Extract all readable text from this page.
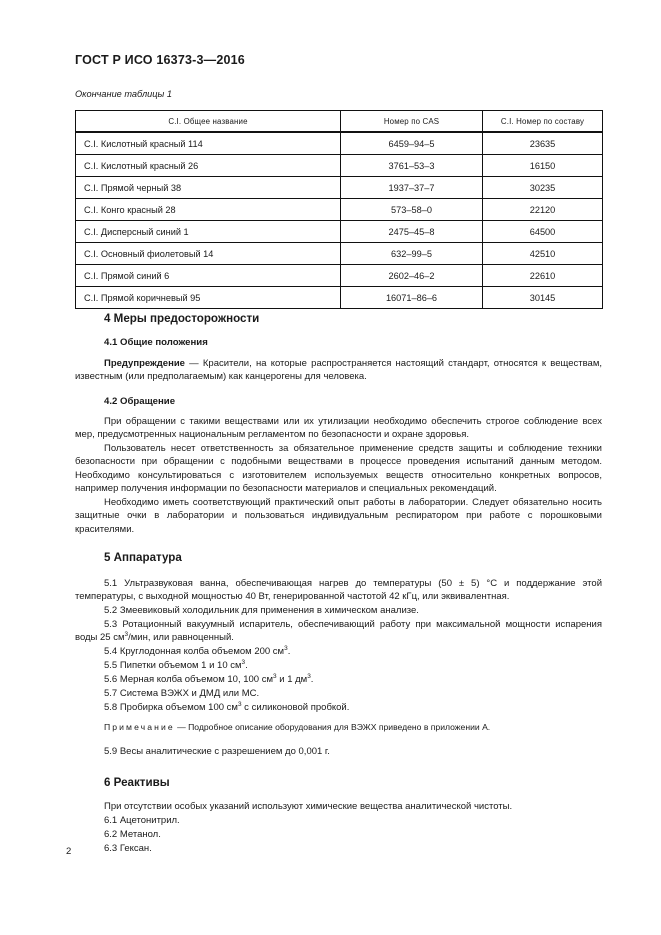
ГОСТ Р ИСО 16373-3—2016
Окончание таблицы 1
C.I. Общее название	Номер по CAS	C.I. Номер по составу
C.I. Кислотный красный 114	6459–94–5	23635
C.I. Кислотный красный 26	3761–53–3	16150
C.I. Прямой черный 38	1937–37–7	30235
C.I. Конго красный 28	573–58–0	22120
C.I. Дисперсный синий 1	2475–45–8	64500
C.I. Основный фиолетовый 14	632–99–5	42510
C.I. Прямой синий 6	2602–46–2	22610
C.I. Прямой коричневый 95	16071–86–6	30145
4 Меры предосторожности
4.1 Общие положения
Предупреждение — Красители, на которые распространяется настоящий стандарт, относятся к веществам, известным (или предполагаемым) как канцерогены для человека.
4.2 Обращение
При обращении с такими веществами или их утилизации необходимо обеспечить строгое соблюдение всех мер, предусмотренных национальным регламентом по безопасности и охране здоровья.
Пользователь несет ответственность за обязательное применение средств защиты и соблюдение техники безопасности при обращении с подобными веществами в процессе проведения испытаний данным методом. Необходимо консультироваться с изготовителем используемых веществ относительно конкретных вопросов, например получения информации по безопасности материалов и специальных рекомендаций.
Необходимо иметь соответствующий практический опыт работы в лаборатории. Следует обязательно носить защитные очки в лаборатории и пользоваться индивидуальным респиратором при работе с порошковыми красителями.
5 Аппаратура
5.1 Ультразвуковая ванна, обеспечивающая нагрев до температуры (50 ± 5) °C и поддержание этой температуры, с выходной мощностью 40 Вт, генерированной частотой 42 кГц, или эквивалентная.
5.2 Змеевиковый холодильник для применения в химическом анализе.
5.3 Ротационный вакуумный испаритель, обеспечивающий работу при максимальной мощности испарения воды 25 $см^3$/мин, или равноценный.
5.4 Круглодонная колба объемом 200 $см^3$.
5.5 Пипетки объемом 1 и 10 $см^3$.
5.6 Мерная колба объемом 10, 100 $см^3$ и 1 $дм^3$.
5.7 Система ВЭЖХ и ДМД или МС.
5.8 Пробирка объемом 100 $см^3$ с силиконовой пробкой.
Примечание — Подробное описание оборудования для ВЭЖХ приведено в приложении А.
5.9 Весы аналитические с разрешением до 0,001 г.
6 Реактивы
При отсутствии особых указаний используют химические вещества аналитической чистоты.
6.1 Ацетонитрил.
6.2 Метанол.
6.3 Гексан.
2
